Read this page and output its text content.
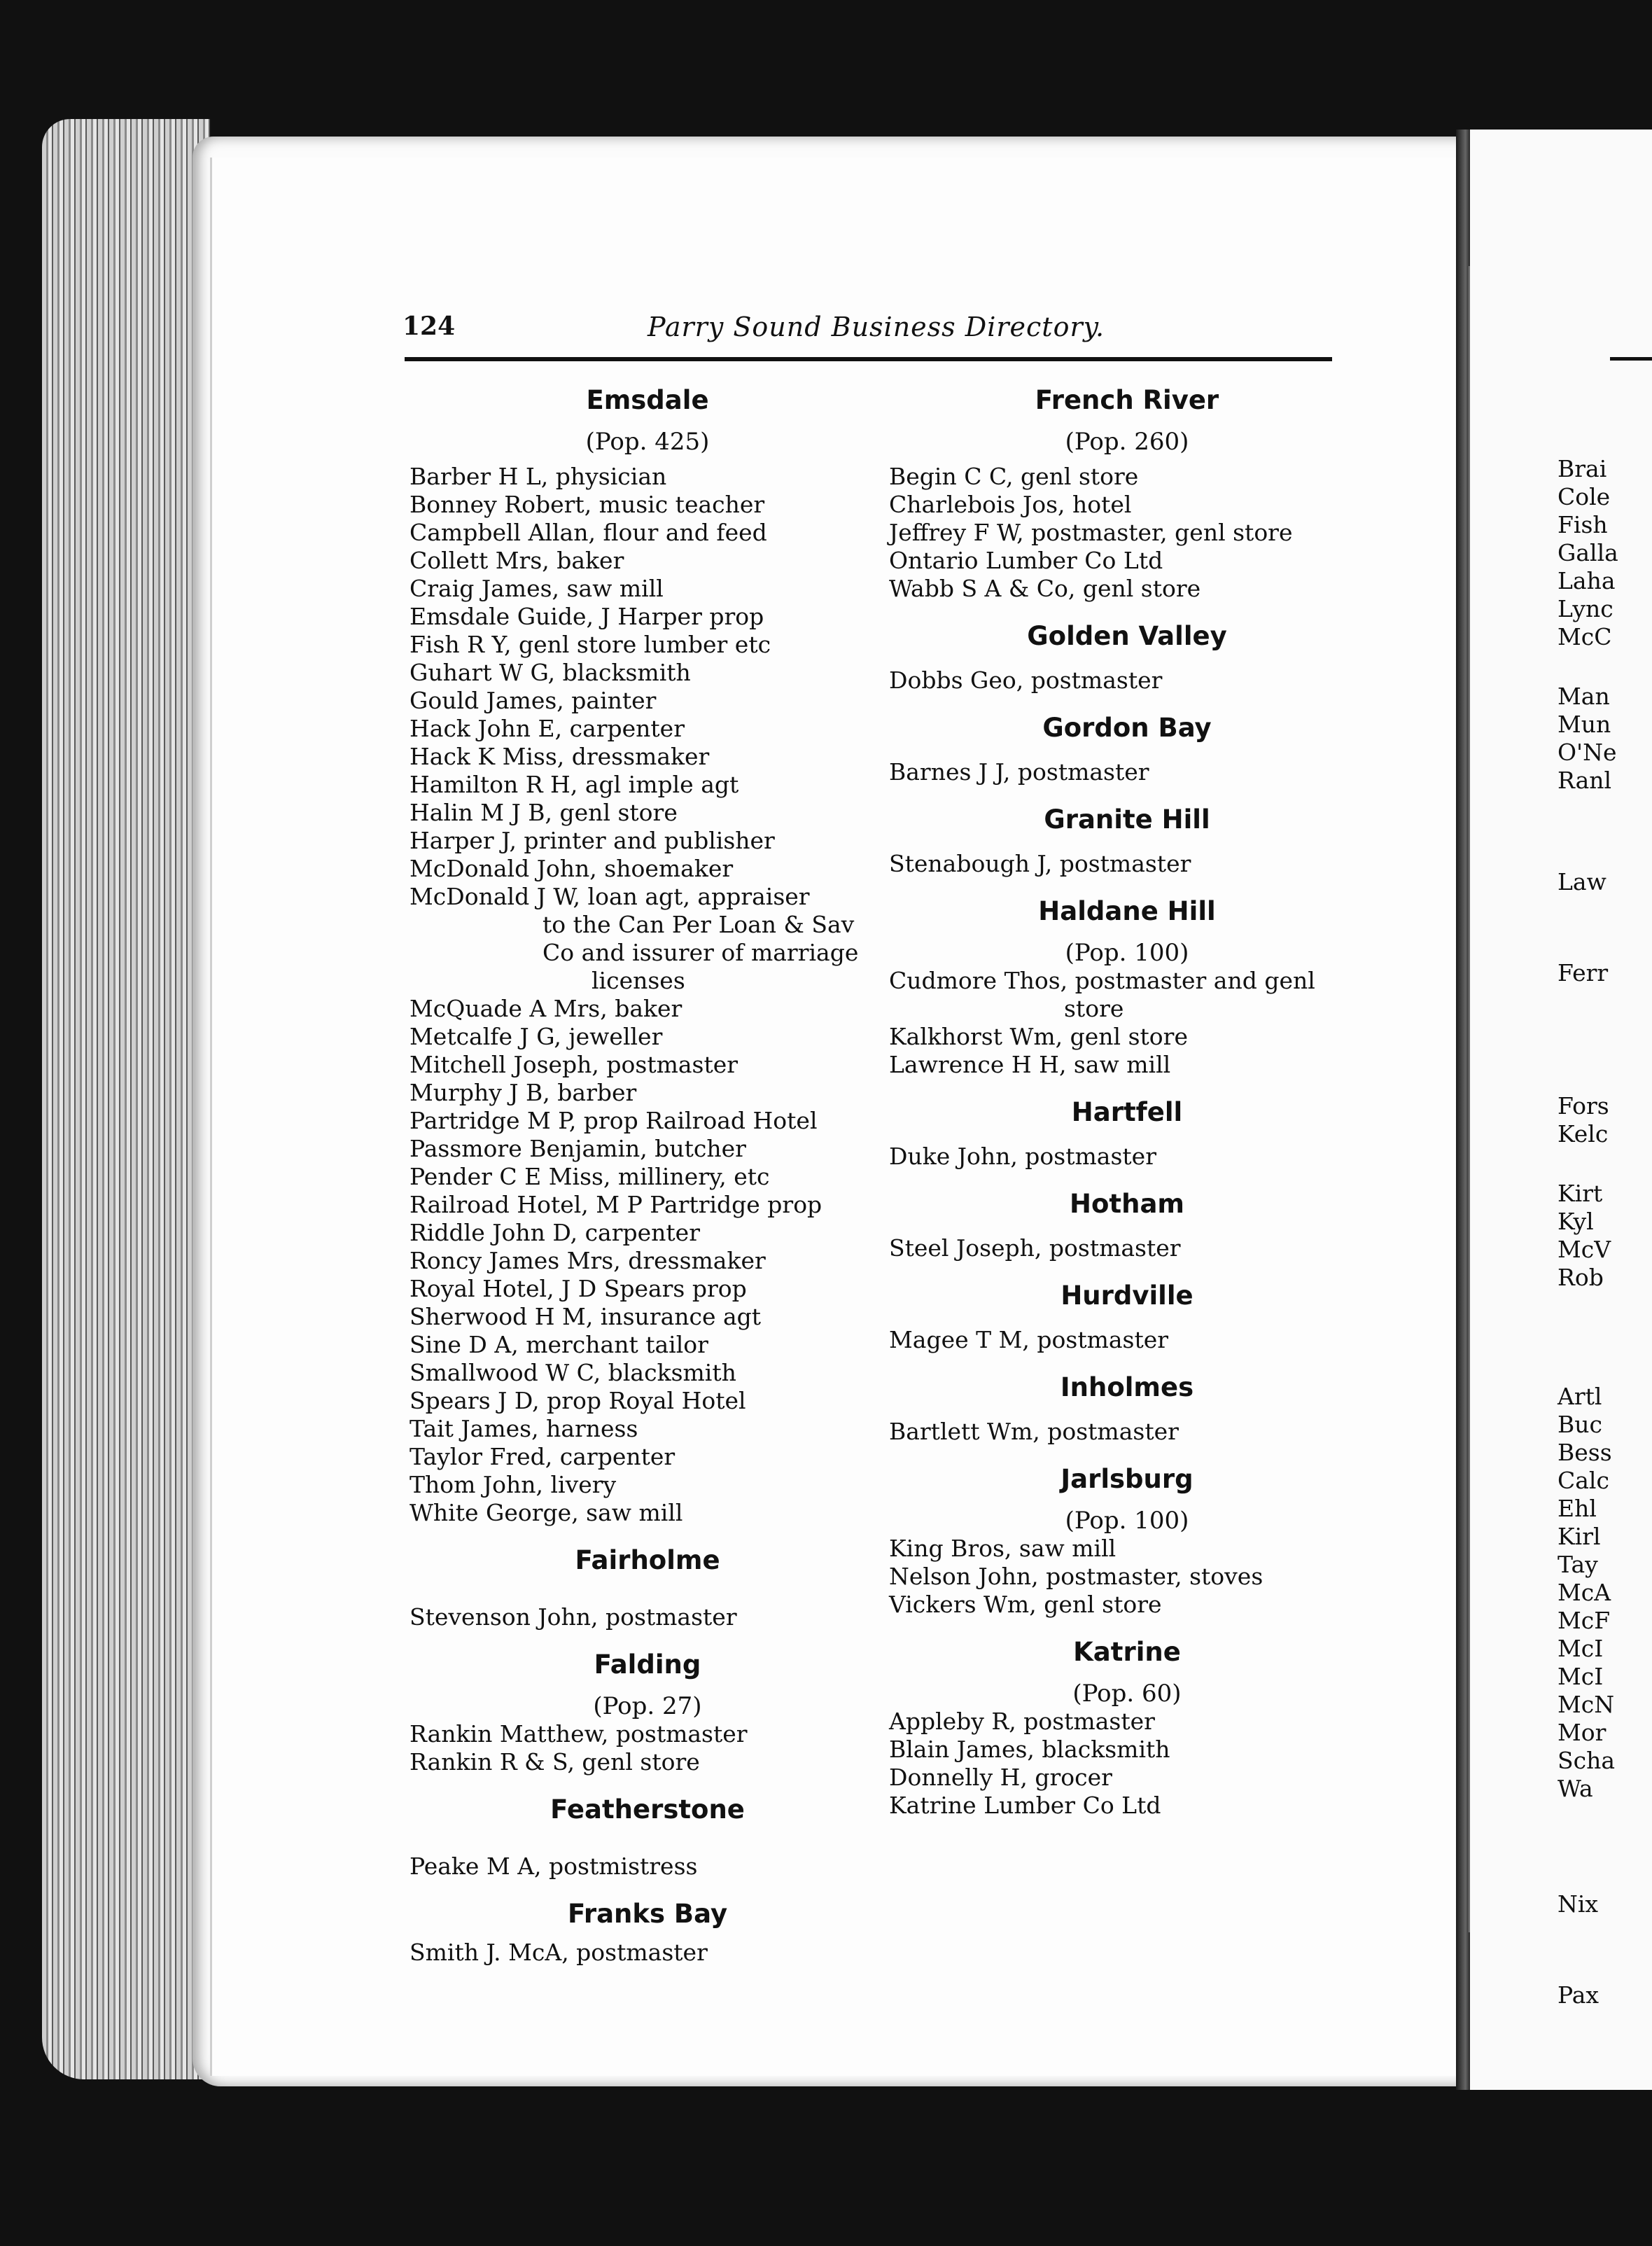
124	Parry Sound Business Directory.
Emsdale
(Pop. 425)
Barber H L, physician
Bonney Robert, music teacher
Campbell Allan, flour and feed
Collett Mrs, baker
Craig James, saw mill
Emsdale Guide, J Harper prop
Fish R Y, genl store lumber etc
Guhart W G, blacksmith
Gould James, painter
Hack John E, carpenter
Hack K Miss, dressmaker
Hamilton R H, agl imple agt
Halin M J B, genl store
Harper J, printer and publisher
McDonald John, shoemaker
McDonald J W, loan agt, appraiser
to the Can Per Loan & Sav
Co and issurer of marriage
licenses
McQuade A Mrs, baker
Metcalfe J G, jeweller
Mitchell Joseph, postmaster
Murphy J B, barber
Partridge M P, prop Railroad Hotel
Passmore Benjamin, butcher
Pender C E Miss, millinery, etc
Railroad Hotel, M P Partridge prop
Riddle John D, carpenter
Roncy James Mrs, dressmaker
Royal Hotel, J D Spears prop
Sherwood H M, insurance agt
Sine D A, merchant tailor
Smallwood W C, blacksmith
Spears J D, prop Royal Hotel
Tait James, harness
Taylor Fred, carpenter
Thom John, livery
White George, saw mill
Fairholme
Stevenson John, postmaster
Falding
(Pop. 27)
Rankin Matthew, postmaster
Rankin R & S, genl store
Featherstone
Peake M A, postmistress
Franks Bay
Smith J. McA, postmaster
French River
(Pop. 260)
Begin C C, genl store
Charlebois Jos, hotel
Jeffrey F W, postmaster, genl store
Ontario Lumber Co Ltd
Wabb S A & Co, genl store
Golden Valley
Dobbs Geo, postmaster
Gordon Bay
Barnes J J, postmaster
Granite Hill
Stenabough J, postmaster
Haldane Hill
(Pop. 100)
Cudmore Thos, postmaster and genl
store
Kalkhorst Wm, genl store
Lawrence H H, saw mill
Hartfell
Duke John, postmaster
Hotham
Steel Joseph, postmaster
Hurdville
Magee T M, postmaster
Inholmes
Bartlett Wm, postmaster
Jarlsburg
(Pop. 100)
King Bros, saw mill
Nelson John, postmaster, stoves
Vickers Wm, genl store
Katrine
(Pop. 60)
Appleby R, postmaster
Blain James, blacksmith
Donnelly H, grocer
Katrine Lumber Co Ltd
Brai
Cole
Fish
Galla
Laha
Lync
McC
Man
Mun
O'Ne
Ranl
Law
Ferr
Fors
Kelc
Kirt
Kyl
McV
Rob
Artl
Buc
Bess
Calc
Ehl
Kirl
Tay
McA
McF
McI
McI
McN
Mor
Scha
Wa
Nix
Pax
